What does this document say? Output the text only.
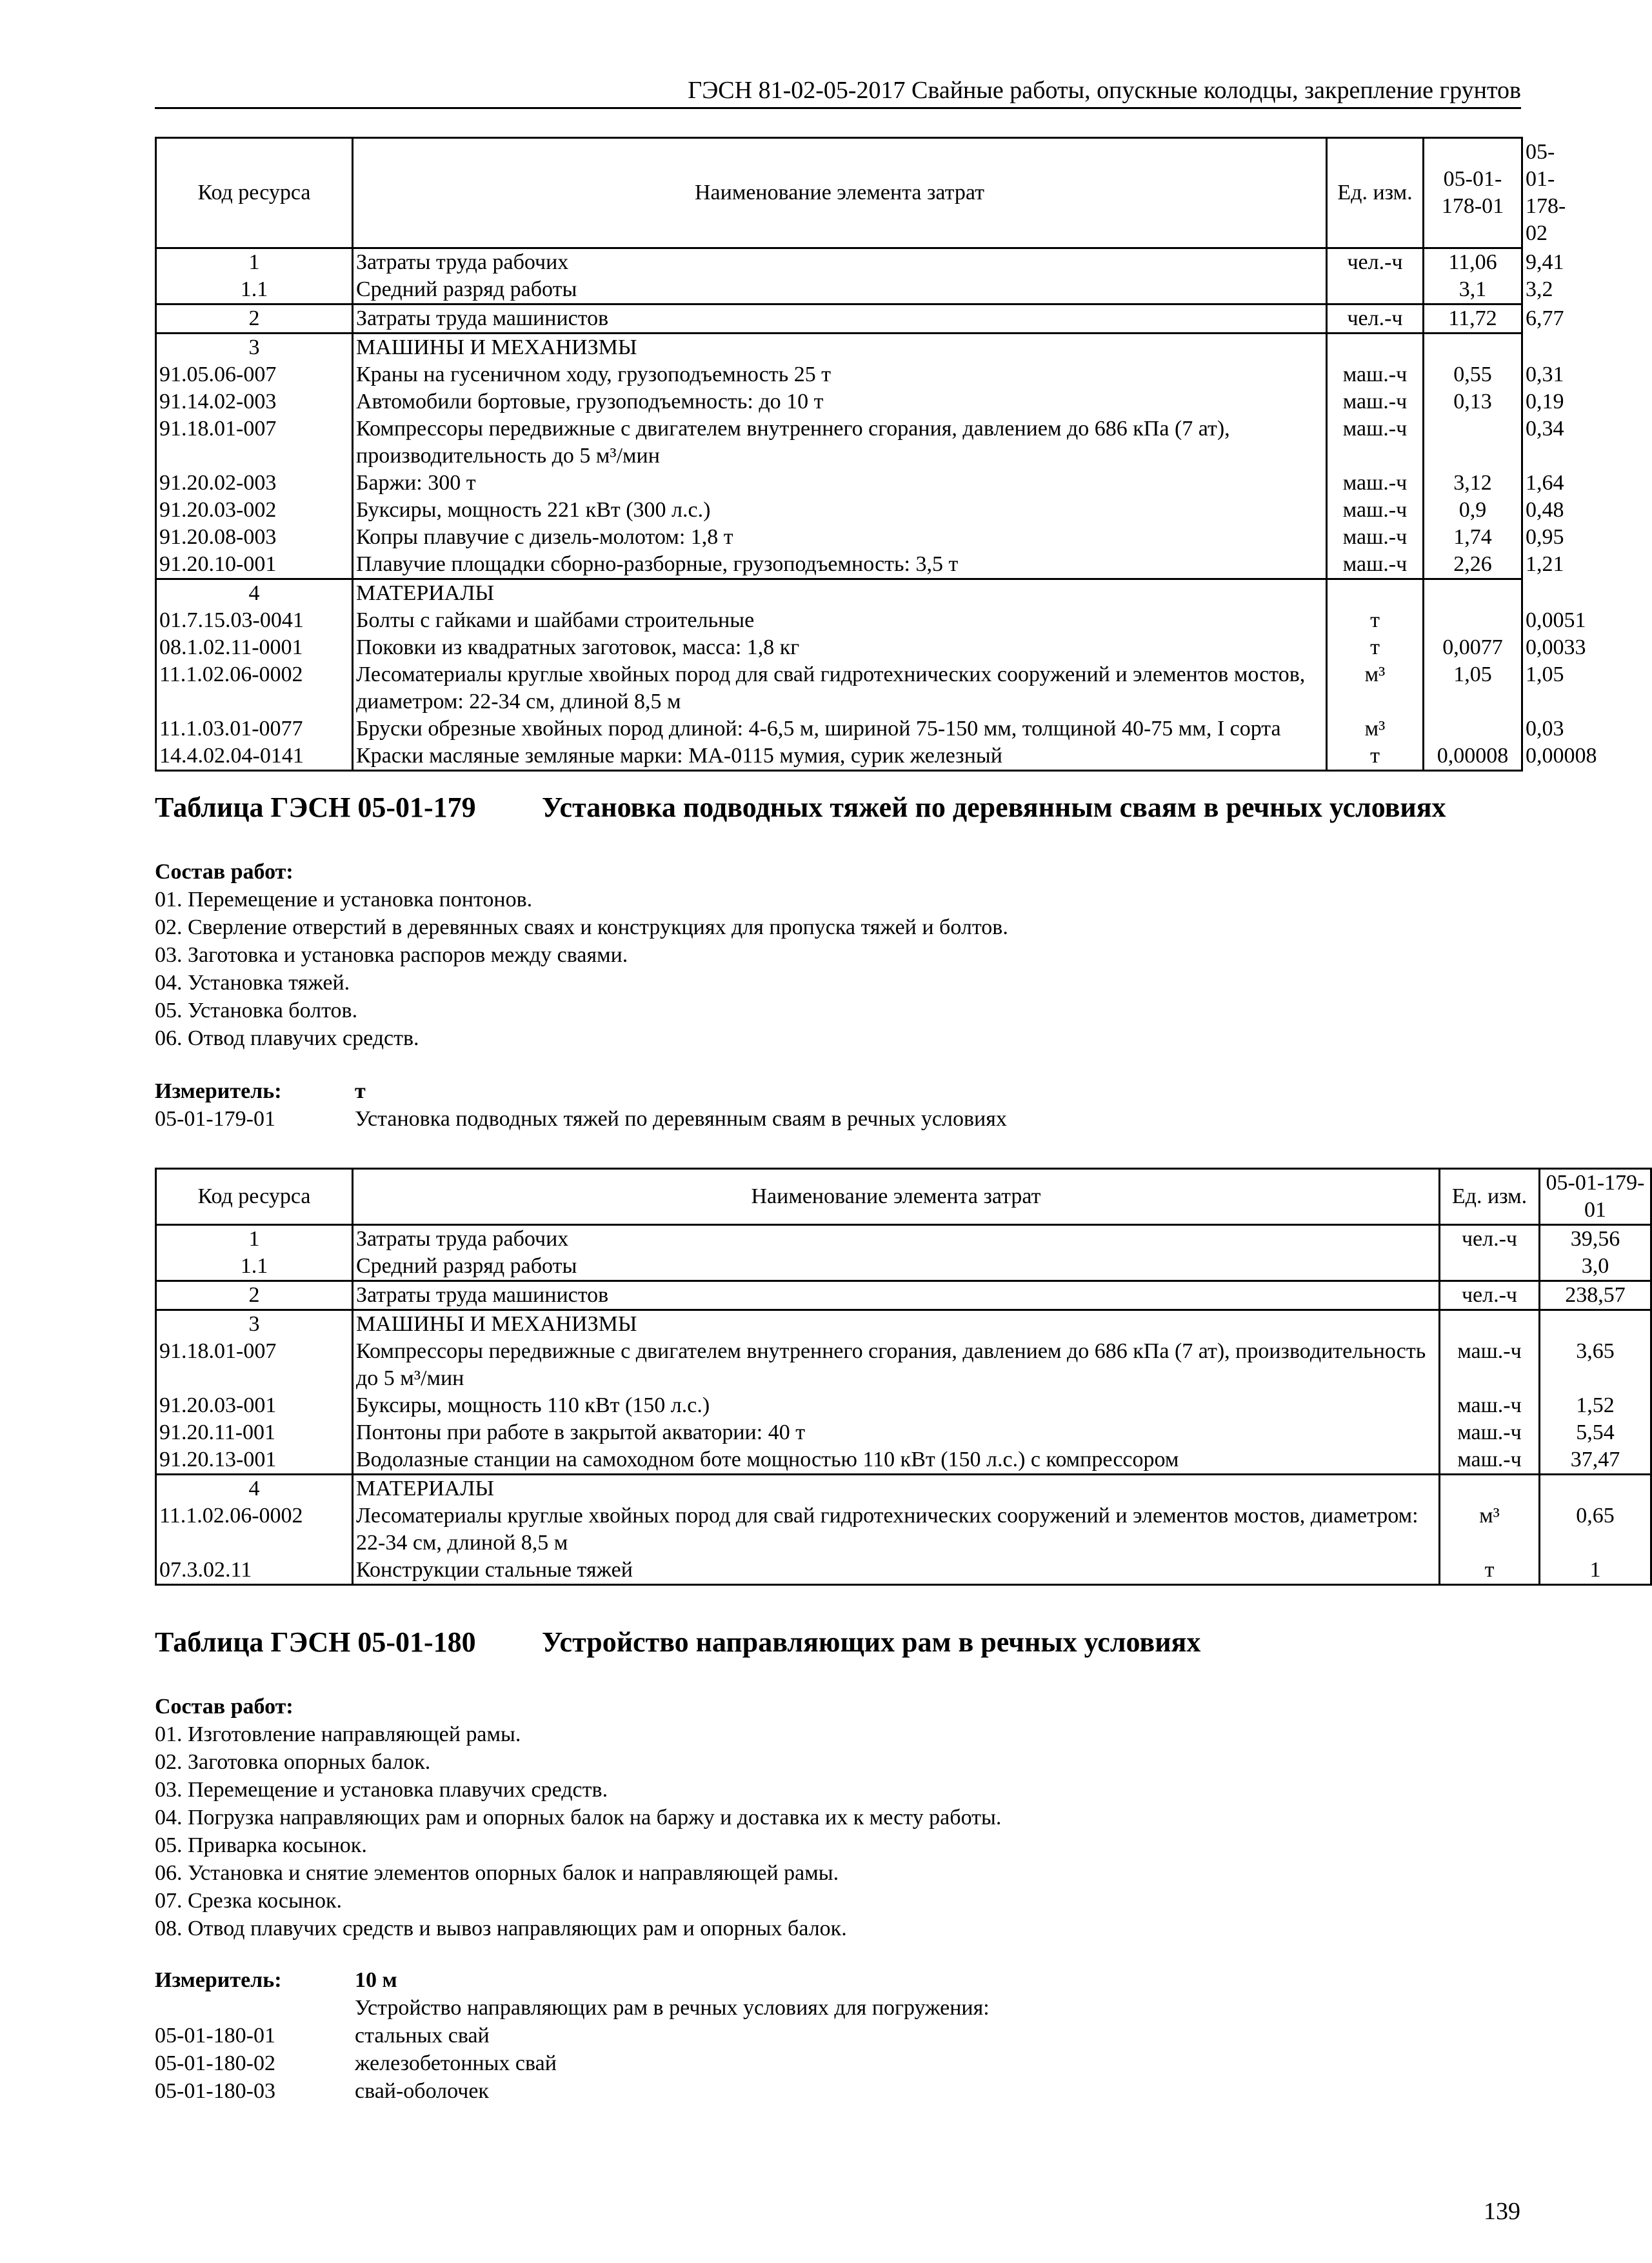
ГЭСН 81-02-05-2017 Свайные работы, опускные колодцы, закрепление грунтов
Код ресурса	Наименование элемента затрат	Ед. изм.	05-01-178-01	05-01-178-02
1	Затраты труда рабочих	чел.-ч	11,06	9,41
1.1	Средний разряд работы		3,1	3,2
2	Затраты труда машинистов	чел.-ч	11,72	6,77
3	МАШИНЫ И МЕХАНИЗМЫ			
91.05.06-007	Краны на гусеничном ходу, грузоподъемность 25 т	маш.-ч	0,55	0,31
91.14.02-003	Автомобили бортовые, грузоподъемность: до 10 т	маш.-ч	0,13	0,19
91.18.01-007	Компрессоры передвижные с двигателем внутреннего сгорания, давлением до 686 кПа (7 ат), производительность до 5 м³/мин	маш.-ч		0,34
91.20.02-003	Баржи: 300 т	маш.-ч	3,12	1,64
91.20.03-002	Буксиры, мощность 221 кВт (300 л.с.)	маш.-ч	0,9	0,48
91.20.08-003	Копры плавучие с дизель-молотом: 1,8 т	маш.-ч	1,74	0,95
91.20.10-001	Плавучие площадки сборно-разборные, грузоподъемность: 3,5 т	маш.-ч	2,26	1,21
4	МАТЕРИАЛЫ			
01.7.15.03-0041	Болты с гайками и шайбами строительные	т		0,0051
08.1.02.11-0001	Поковки из квадратных заготовок, масса: 1,8 кг	т	0,0077	0,0033
11.1.02.06-0002	Лесоматериалы круглые хвойных пород для свай гидротехнических сооружений и элементов мостов, диаметром: 22-34 см, длиной 8,5 м	м³	1,05	1,05
11.1.03.01-0077	Бруски обрезные хвойных пород длиной: 4-6,5 м, шириной 75-150 мм, толщиной 40-75 мм, I сорта	м³		0,03
14.4.02.04-0141	Краски масляные земляные марки: МА-0115 мумия, сурик железный	т	0,00008	0,00008
Таблица ГЭСН 05-01-179 Установка подводных тяжей по деревянным сваям в речных условиях
Состав работ:
01. Перемещение и установка понтонов.
02. Сверление отверстий в деревянных сваях и конструкциях для пропуска тяжей и болтов.
03. Заготовка и установка распоров между сваями.
04. Установка тяжей.
05. Установка болтов.
06. Отвод плавучих средств.
Измеритель:	т
05-01-179-01	Установка подводных тяжей по деревянным сваям в речных условиях
Код ресурса	Наименование элемента затрат	Ед. изм.	05-01-179-01
1	Затраты труда рабочих	чел.-ч	39,56
1.1	Средний разряд работы		3,0
2	Затраты труда машинистов	чел.-ч	238,57
3	МАШИНЫ И МЕХАНИЗМЫ		
91.18.01-007	Компрессоры передвижные с двигателем внутреннего сгорания, давлением до 686 кПа (7 ат), производительность до 5 м³/мин	маш.-ч	3,65
91.20.03-001	Буксиры, мощность 110 кВт (150 л.с.)	маш.-ч	1,52
91.20.11-001	Понтоны при работе в закрытой акватории: 40 т	маш.-ч	5,54
91.20.13-001	Водолазные станции на самоходном боте мощностью 110 кВт (150 л.с.) с компрессором	маш.-ч	37,47
4	МАТЕРИАЛЫ		
11.1.02.06-0002	Лесоматериалы круглые хвойных пород для свай гидротехнических сооружений и элементов мостов, диаметром: 22-34 см, длиной 8,5 м	м³	0,65
07.3.02.11	Конструкции стальные тяжей	т	1
Таблица ГЭСН 05-01-180 Устройство направляющих рам в речных условиях
Состав работ:
01. Изготовление направляющей рамы.
02. Заготовка опорных балок.
03. Перемещение и установка плавучих средств.
04. Погрузка направляющих рам и опорных балок на баржу и доставка их к месту работы.
05. Приварка косынок.
06. Установка и снятие элементов опорных балок и направляющей рамы.
07. Срезка косынок.
08. Отвод плавучих средств и вывоз направляющих рам и опорных балок.
Измеритель:	10 м
Устройство направляющих рам в речных условиях для погружения:
05-01-180-01	стальных свай
05-01-180-02	железобетонных свай
05-01-180-03	свай-оболочек
139
